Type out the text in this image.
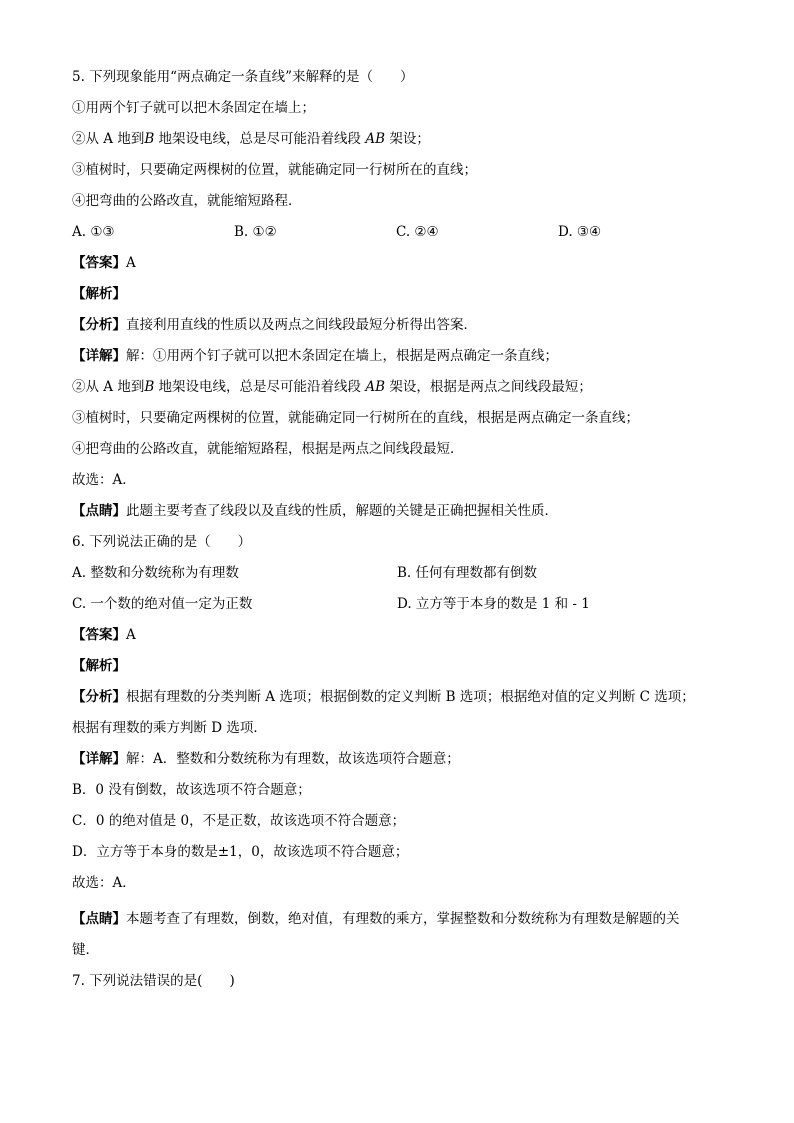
5. 下列现象能用“两点确定一条直线”来解释的是（　　）
①用两个钉子就可以把木条固定在墙上；
②从 A 地到B 地架设电线，总是尽可能沿着线段 AB 架设；
③植树时，只要确定两棵树的位置，就能确定同一行树所在的直线；
④把弯曲的公路改直，就能缩短路程．
A. ①③	B. ①②	C. ②④	D. ③④
【答案】A
【解析】
【分析】直接利用直线的性质以及两点之间线段最短分析得出答案．
【详解】解：①用两个钉子就可以把木条固定在墙上，根据是两点确定一条直线；
②从 A 地到B 地架设电线，总是尽可能沿着线段 AB 架设，根据是两点之间线段最短；
③植树时，只要确定两棵树的位置，就能确定同一行树所在的直线，根据是两点确定一条直线；
④把弯曲的公路改直，就能缩短路程，根据是两点之间线段最短．
故选：A．
【点睛】此题主要考查了线段以及直线的性质，解题的关键是正确把握相关性质．
6. 下列说法正确的是（　　）
A. 整数和分数统称为有理数	B. 任何有理数都有倒数
C. 一个数的绝对值一定为正数	D. 立方等于本身的数是 1 和 - 1
【答案】A
【解析】
【分析】根据有理数的分类判断 A 选项；根据倒数的定义判断 B 选项；根据绝对值的定义判断 C 选项；
根据有理数的乘方判断 D 选项．
【详解】解：A．整数和分数统称为有理数，故该选项符合题意；
B．0 没有倒数，故该选项不符合题意；
C．0 的绝对值是 0，不是正数，故该选项不符合题意；
D．立方等于本身的数是±1，0，故该选项不符合题意；
故选：A．
【点睛】本题考查了有理数，倒数，绝对值，有理数的乘方，掌握整数和分数统称为有理数是解题的关
键．
7. 下列说法错误的是(　　)
